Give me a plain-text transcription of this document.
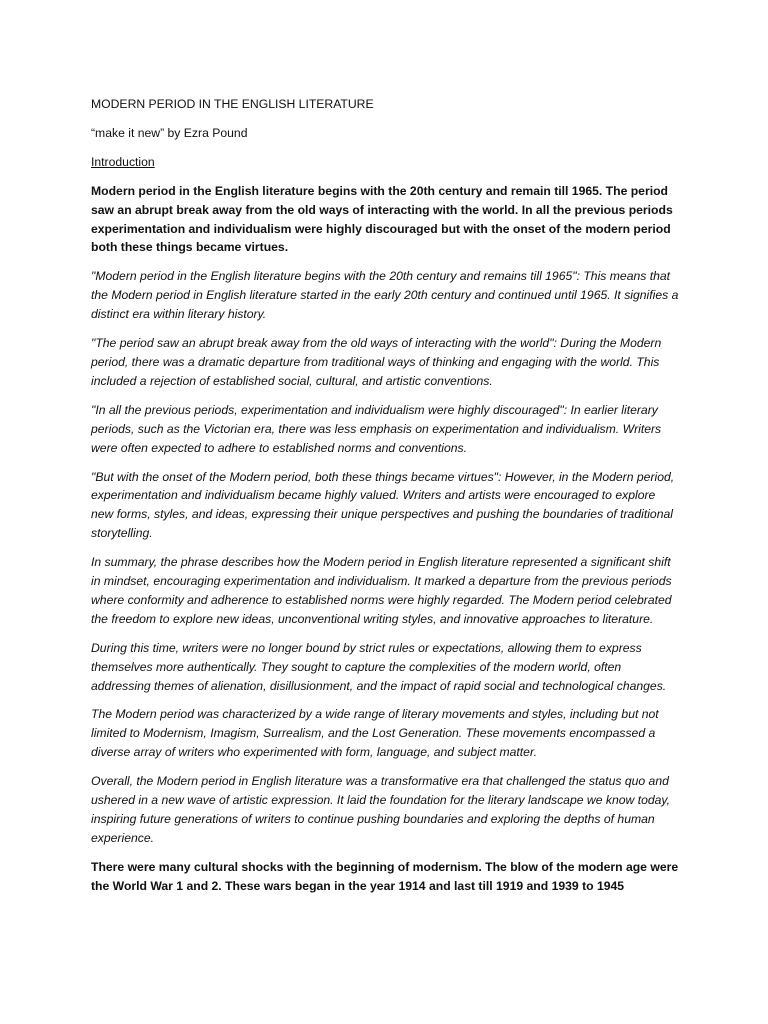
MODERN PERIOD IN THE ENGLISH LITERATURE

“make it new” by Ezra Pound

Introduction

Modern period in the English literature begins with the 20th century and remain till 1965. The period saw an abrupt break away from the old ways of interacting with the world. In all the previous periods experimentation and individualism were highly discouraged but with the onset of the modern period both these things became virtues.

"Modern period in the English literature begins with the 20th century and remains till 1965": This means that the Modern period in English literature started in the early 20th century and continued until 1965. It signifies a distinct era within literary history.

"The period saw an abrupt break away from the old ways of interacting with the world": During the Modern period, there was a dramatic departure from traditional ways of thinking and engaging with the world. This included a rejection of established social, cultural, and artistic conventions.

"In all the previous periods, experimentation and individualism were highly discouraged": In earlier literary periods, such as the Victorian era, there was less emphasis on experimentation and individualism. Writers were often expected to adhere to established norms and conventions.

"But with the onset of the Modern period, both these things became virtues": However, in the Modern period, experimentation and individualism became highly valued. Writers and artists were encouraged to explore new forms, styles, and ideas, expressing their unique perspectives and pushing the boundaries of traditional storytelling.

In summary, the phrase describes how the Modern period in English literature represented a significant shift in mindset, encouraging experimentation and individualism. It marked a departure from the previous periods where conformity and adherence to established norms were highly regarded. The Modern period celebrated the freedom to explore new ideas, unconventional writing styles, and innovative approaches to literature.

During this time, writers were no longer bound by strict rules or expectations, allowing them to express themselves more authentically. They sought to capture the complexities of the modern world, often addressing themes of alienation, disillusionment, and the impact of rapid social and technological changes.

The Modern period was characterized by a wide range of literary movements and styles, including but not limited to Modernism, Imagism, Surrealism, and the Lost Generation. These movements encompassed a diverse array of writers who experimented with form, language, and subject matter.

Overall, the Modern period in English literature was a transformative era that challenged the status quo and ushered in a new wave of artistic expression. It laid the foundation for the literary landscape we know today, inspiring future generations of writers to continue pushing boundaries and exploring the depths of human experience.

There were many cultural shocks with the beginning of modernism. The blow of the modern age were the World War 1 and 2. These wars began in the year 1914 and last till 1919 and 1939 to 1945
